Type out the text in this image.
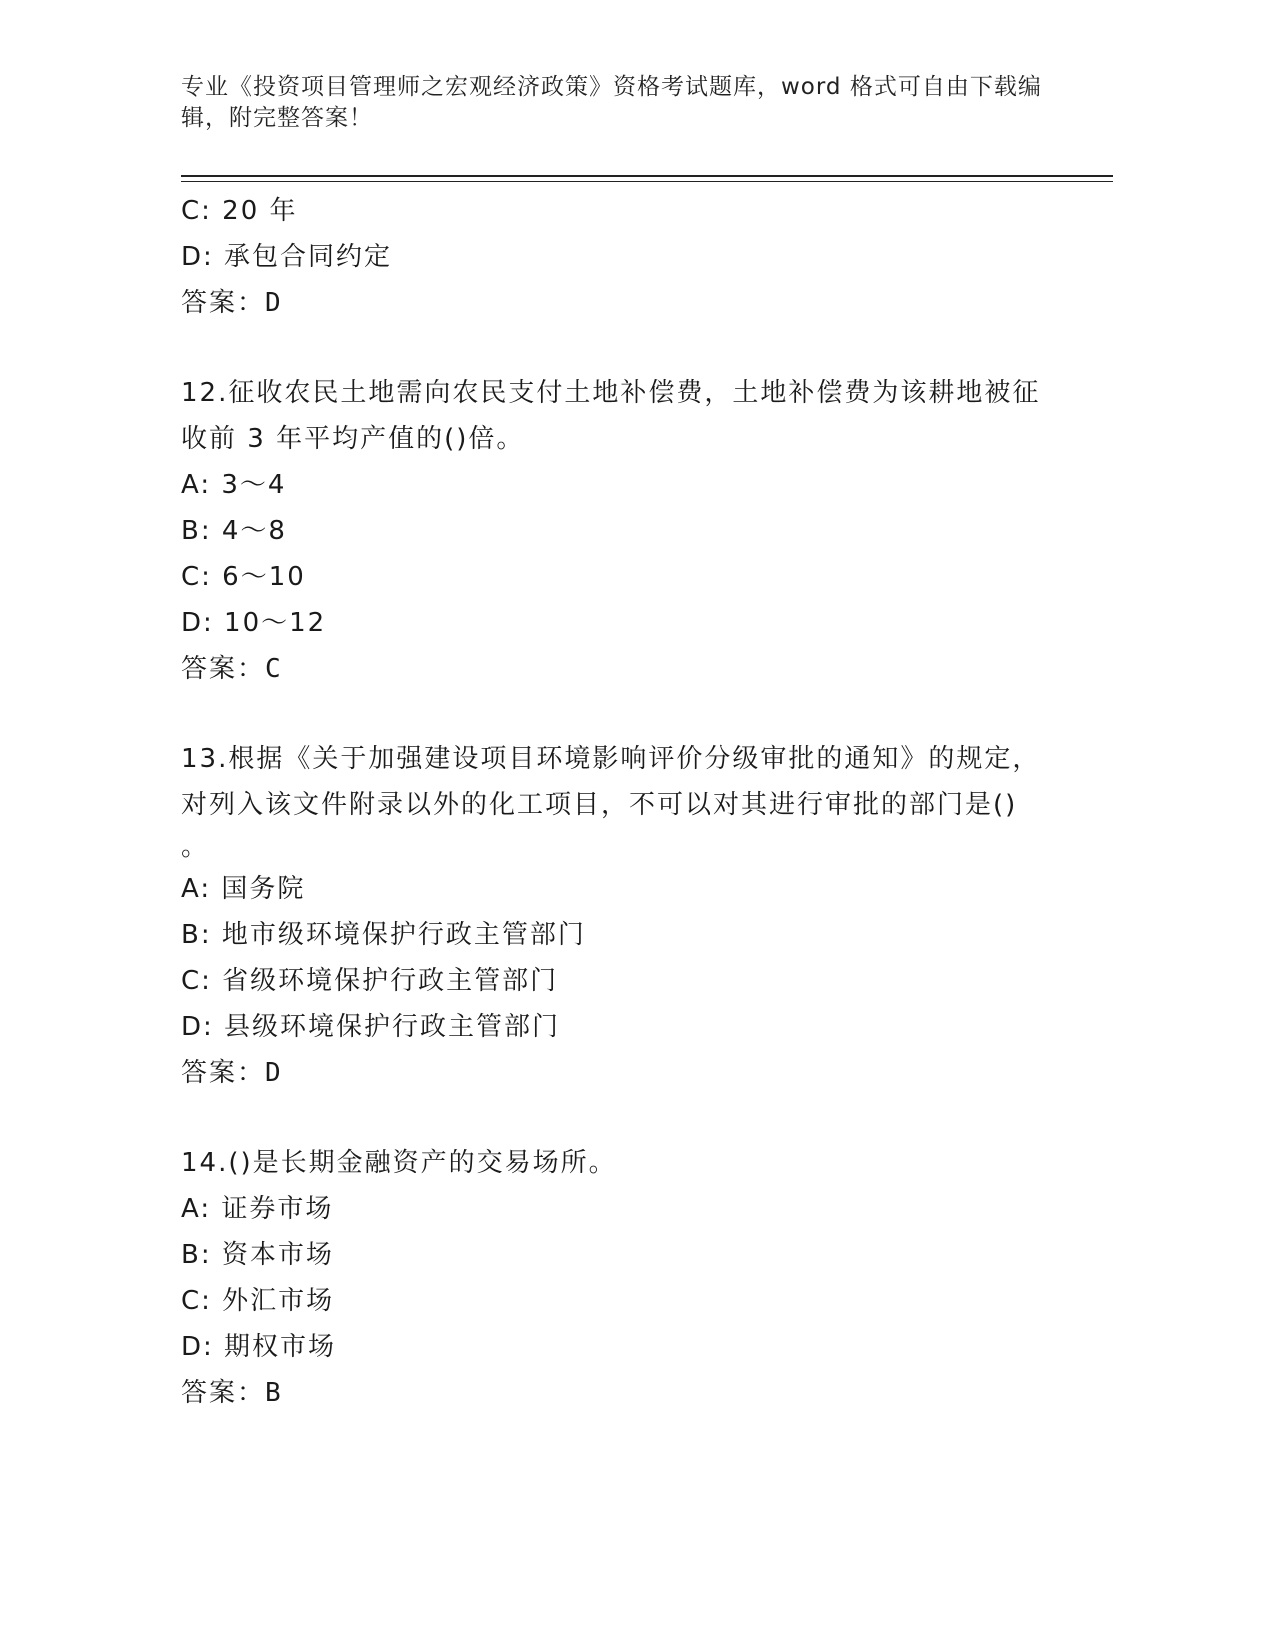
专业《投资项目管理师之宏观经济政策》资格考试题库，word 格式可自由下载编
辑，附完整答案！
C: 20 年
D: 承包合同约定
答案：D
12.征收农民土地需向农民支付土地补偿费，土地补偿费为该耕地被征
收前 3 年平均产值的()倍。
A: 3～4
B: 4～8
C: 6～10
D: 10～12
答案：C
13.根据《关于加强建设项目环境影响评价分级审批的通知》的规定，
对列入该文件附录以外的化工项目，不可以对其进行审批的部门是()
。
A: 国务院
B: 地市级环境保护行政主管部门
C: 省级环境保护行政主管部门
D: 县级环境保护行政主管部门
答案：D
14.()是长期金融资产的交易场所。
A: 证券市场
B: 资本市场
C: 外汇市场
D: 期权市场
答案：B
